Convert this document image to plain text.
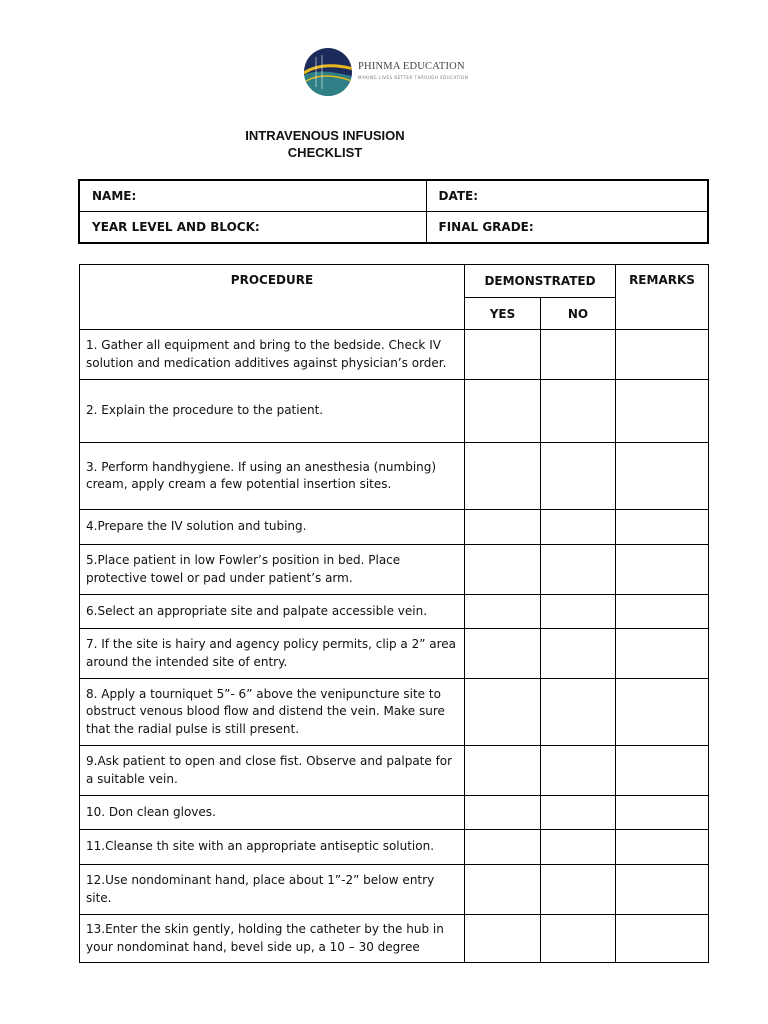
PHINMA EDUCATION
MAKING LIVES BETTER THROUGH EDUCATION
INTRAVENOUS INFUSION
CHECKLIST
NAME:	DATE:
YEAR LEVEL AND BLOCK:	FINAL GRADE:
PROCEDURE	DEMONSTRATED		REMARKS
	YES	NO	
1. Gather all equipment and bring to the bedside. Check IV solution and medication additives against physician’s order.			
2. Explain the procedure to the patient.			
3. Perform handhygiene. If using an anesthesia (numbing) cream, apply cream a few potential insertion sites.			
4.Prepare the IV solution and tubing.			
5.Place patient in low Fowler’s position in bed. Place protective towel or pad under patient’s arm.			
6.Select an appropriate site and palpate accessible vein.			
7. If the site is hairy and agency policy permits, clip a 2” area around the intended site of entry.			
8. Apply a tourniquet 5”- 6” above the venipuncture site to obstruct venous blood flow and distend the vein. Make sure that the radial pulse is still present.			
9.Ask patient to open and close fist. Observe and palpate for a suitable vein.			
10. Don clean gloves.			
11.Cleanse th site with an appropriate antiseptic solution.			
12.Use nondominant hand, place about 1”-2” below entry site.			
13.Enter the skin gently, holding the catheter by the hub in your nondominat hand, bevel side up, a 10 – 30 degree			
